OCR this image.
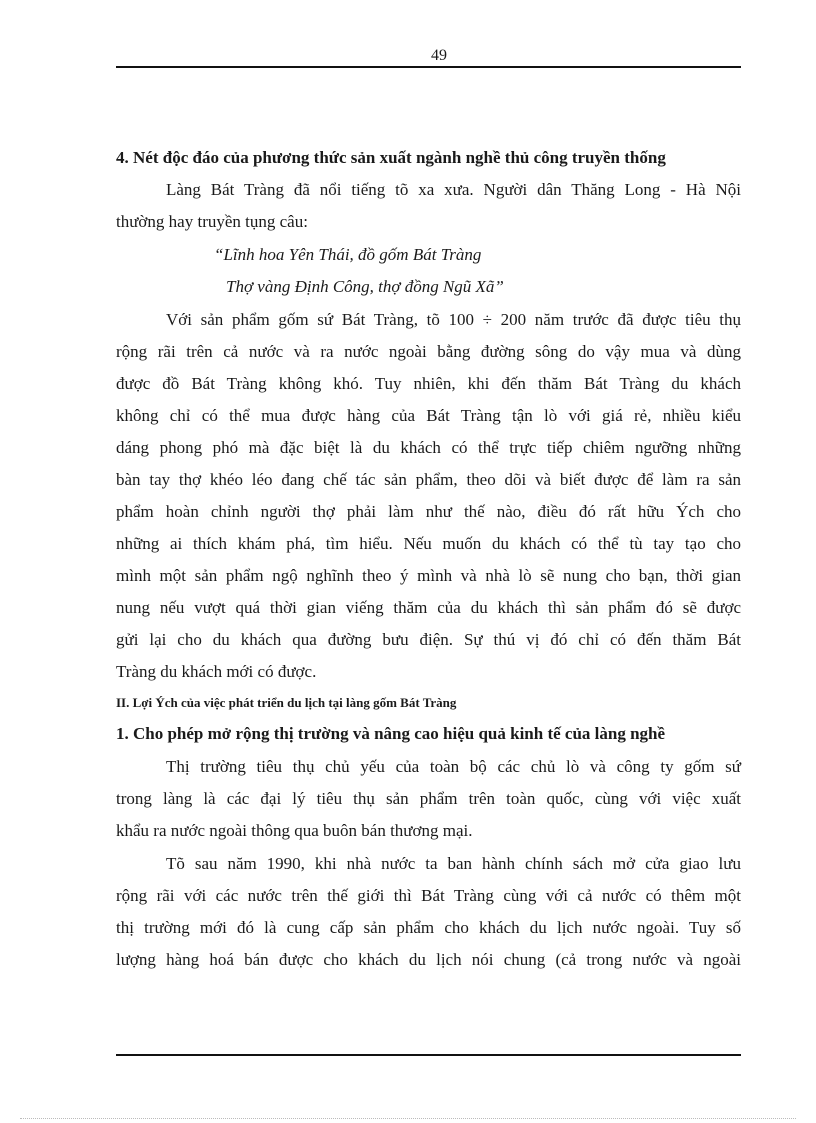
49
4. Nét độc đáo của phương thức sản xuất ngành nghề thủ công truyền thống
Làng Bát Tràng đã nổi tiếng tõ xa xưa. Người dân Thăng Long - Hà Nội
thường hay truyền tụng câu:
“Lĩnh hoa Yên Thái, đồ gốm Bát Tràng
Thợ vàng Định Công, thợ đồng Ngũ Xã”
Với sản phẩm gốm sứ Bát Tràng, tõ 100 ÷ 200 năm trước đã được tiêu thụ
rộng rãi trên cả nước và ra nước ngoài bằng đường sông do vậy mua và dùng
được đồ Bát Tràng không khó. Tuy nhiên, khi đến thăm Bát Tràng du khách
không chỉ có thể mua được hàng của Bát Tràng tận lò với giá rẻ, nhiều kiểu
dáng phong phó mà đặc biệt là du khách có thể trực tiếp chiêm ngưỡng những
bàn tay thợ khéo léo đang chế tác sản phẩm, theo dõi và biết được để làm ra sản
phẩm hoàn chỉnh người thợ phải làm như thế nào, điều đó rất hữu Ých cho
những ai thích khám phá, tìm hiểu. Nếu muốn du khách có thể tù tay tạo cho
mình một sản phẩm ngộ nghĩnh theo ý mình và nhà lò sẽ nung cho bạn, thời gian
nung nếu vượt quá thời gian viếng thăm của du khách thì sản phẩm đó sẽ được
gửi lại cho du khách qua đường bưu điện. Sự thú vị đó chỉ có đến thăm Bát
Tràng du khách mới có được.
II. Lợi Ých của việc phát triển du lịch tại làng gốm Bát Tràng
1. Cho phép mở rộng thị trường và nâng cao hiệu quả kinh tế của làng nghề
Thị trường tiêu thụ chủ yếu của toàn bộ các chủ lò và công ty gốm sứ
trong làng là các đại lý tiêu thụ sản phẩm trên toàn quốc, cùng với việc xuất
khẩu ra nước ngoài thông qua buôn bán thương mại.
Tõ sau năm 1990, khi nhà nước ta ban hành chính sách mở cửa giao lưu
rộng rãi với các nước trên thế giới thì Bát Tràng cùng với cả nước có thêm một
thị trường mới đó là cung cấp sản phẩm cho khách du lịch nước ngoài. Tuy số
lượng hàng hoá bán được cho khách du lịch nói chung (cả trong nước và ngoài
